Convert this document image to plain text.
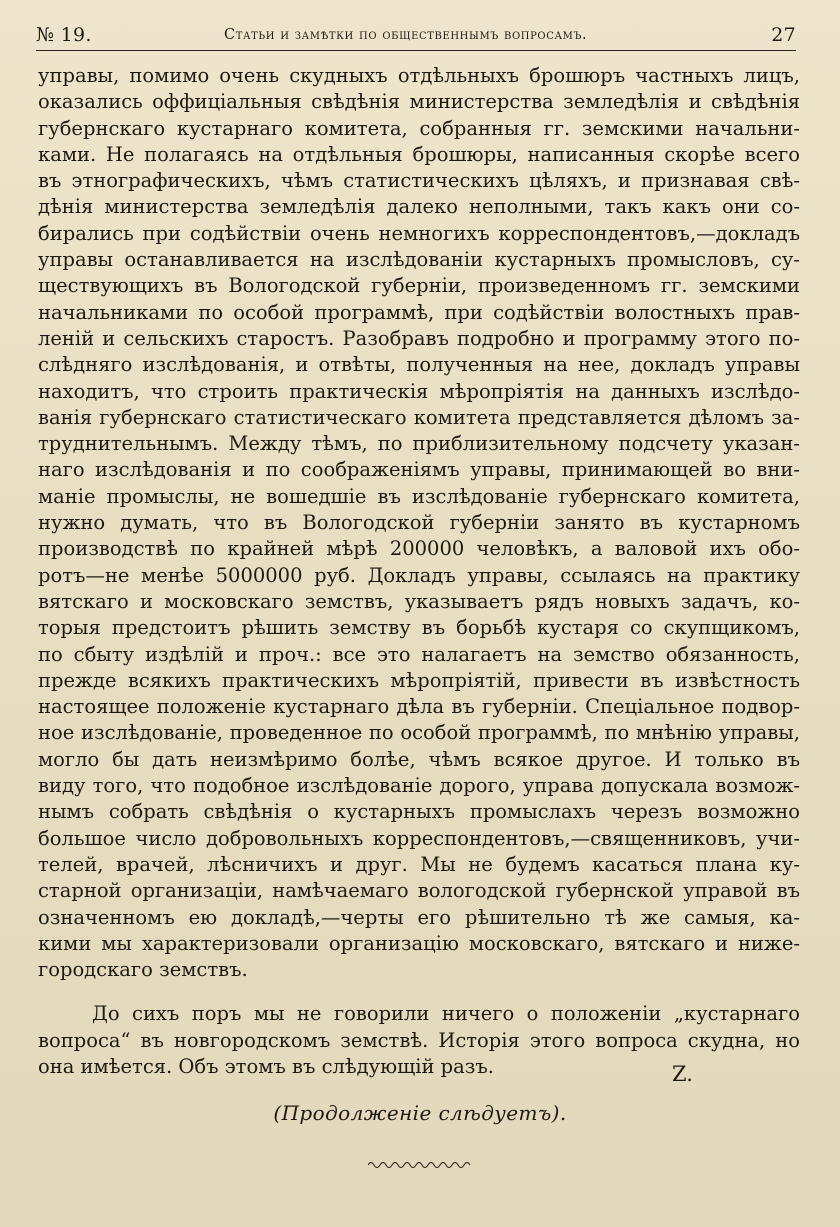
№ 19.	Статьи и замѣтки по общественнымъ вопросамъ.	27
управы, помимо очень скудныхъ отдѣльныхъ брошюръ частныхъ лицъ,
оказались оффиціальныя свѣдѣнія министерства земледѣлія и свѣдѣнія
губернскаго кустарнаго комитета, собранныя гг. земскими начальни-
ками. Не полагаясь на отдѣльныя брошюры, написанныя скорѣе всего
въ этнографическихъ, чѣмъ статистическихъ цѣляхъ, и признавая свѣ-
дѣнія министерства земледѣлія далеко неполными, такъ какъ они со-
бирались при содѣйствіи очень немногихъ корреспондентовъ,—докладъ
управы останавливается на изслѣдованіи кустарныхъ промысловъ, су-
ществующихъ въ Вологодской губерніи, произведенномъ гг. земскими
начальниками по особой программѣ, при содѣйствіи волостныхъ прав-
леній и сельскихъ старостъ. Разобравъ подробно и программу этого по-
слѣдняго изслѣдованія, и отвѣты, полученныя на нее, докладъ управы
находитъ, что строить практическія мѣропріятія на данныхъ изслѣдо-
ванія губернскаго статистическаго комитета представляется дѣломъ за-
труднительнымъ. Между тѣмъ, по приблизительному подсчету указан-
наго изслѣдованія и по соображеніямъ управы, принимающей во вни-
маніе промыслы, не вошедшіе въ изслѣдованіе губернскаго комитета,
нужно думать, что въ Вологодской губерніи занято въ кустарномъ
производствѣ по крайней мѣрѣ 200000 человѣкъ, а валовой ихъ обо-
ротъ—не менѣе 5000000 руб. Докладъ управы, ссылаясь на практику
вятскаго и московскаго земствъ, указываетъ рядъ новыхъ задачъ, ко-
торыя предстоитъ рѣшить земству въ борьбѣ кустаря со скупщикомъ,
по сбыту издѣлій и проч.: все это налагаетъ на земство обязанность,
прежде всякихъ практическихъ мѣропріятій, привести въ извѣстность
настоящее положеніе кустарнаго дѣла въ губерніи. Спеціальное подвор-
ное изслѣдованіе, проведенное по особой программѣ, по мнѣнію управы,
могло бы дать неизмѣримо болѣе, чѣмъ всякое другое. И только въ
виду того, что подобное изслѣдованіе дорого, управа допускала возмож-
нымъ собрать свѣдѣнія о кустарныхъ промыслахъ черезъ возможно
большое число добровольныхъ корреспондентовъ,—священниковъ, учи-
телей, врачей, лѣсничихъ и друг. Мы не будемъ касаться плана ку-
старной организаціи, намѣчаемаго вологодской губернской управой въ
означенномъ ею докладѣ,—черты его рѣшительно тѣ же самыя, ка-
кими мы характеризовали организацію московскаго, вятскаго и ниже-
городскаго земствъ.
До сихъ поръ мы не говорили ничего о положеніи „кустарнаго
вопроса“ въ новгородскомъ земствѣ. Исторія этого вопроса скудна, но
она имѣется. Объ этомъ въ слѣдующій разъ.	Z.
(Продолженіе слѣдуетъ).
